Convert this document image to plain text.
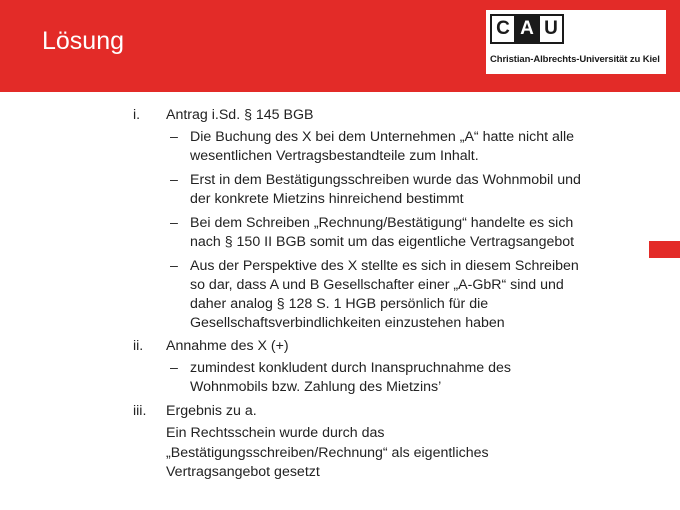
Lösung	C A U
Christian-Albrechts-Universität zu Kiel
i. Antrag i.Sd. § 145 BGB
– Die Buchung des X bei dem Unternehmen „A“ hatte nicht alle
wesentlichen Vertragsbestandteile zum Inhalt.
– Erst in dem Bestätigungsschreiben wurde das Wohnmobil und
der konkrete Mietzins hinreichend bestimmt
– Bei dem Schreiben „Rechnung/Bestätigung“ handelte es sich
nach § 150 II BGB somit um das eigentliche Vertragsangebot
– Aus der Perspektive des X stellte es sich in diesem Schreiben
so dar, dass A und B Gesellschafter einer „A-GbR“ sind und
daher analog § 128 S. 1 HGB persönlich für die
Gesellschaftsverbindlichkeiten einzustehen haben
ii. Annahme des X (+)
– zumindest konkludent durch Inanspruchnahme des
Wohnmobils bzw. Zahlung des Mietzins’
iii. Ergebnis zu a.
Ein Rechtsschein wurde durch das
„Bestätigungsschreiben/Rechnung“ als eigentliches
Vertragsangebot gesetzt
